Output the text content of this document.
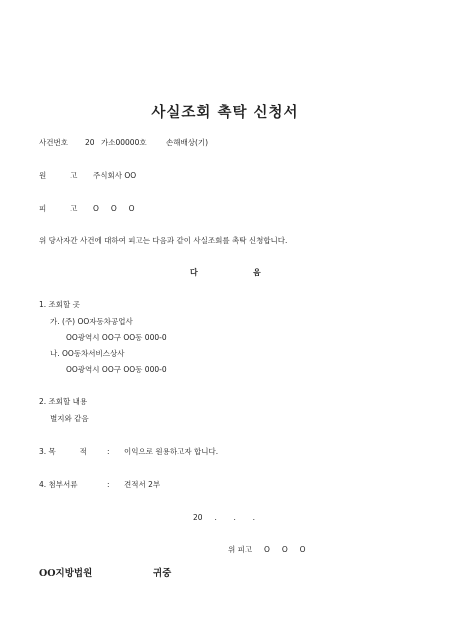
사실조회 촉탁 신청서
사건번호 20 가소00000호	손해배상(기)
원          고 주식회사 OO
피          고 O     O     O
위 당사자간 사건에 대하여 피고는 다음과 같이 사실조회를 촉탁 신청합니다.
다	음
1. 조회할 곳
가. (주) OO자동차공업사
OO광역시 OO구 OO동 000-0
나. OO동차서비스상사
OO광역시 OO구 OO동 000-0
2. 조회할 내용
별지와 같음
3. 목          적	: 이익으로 원용하고자 합니다.
4. 첨부서류	: 견적서 2부
20     .       .       .
위 피고     O     O     O
OO지방법원	귀중
